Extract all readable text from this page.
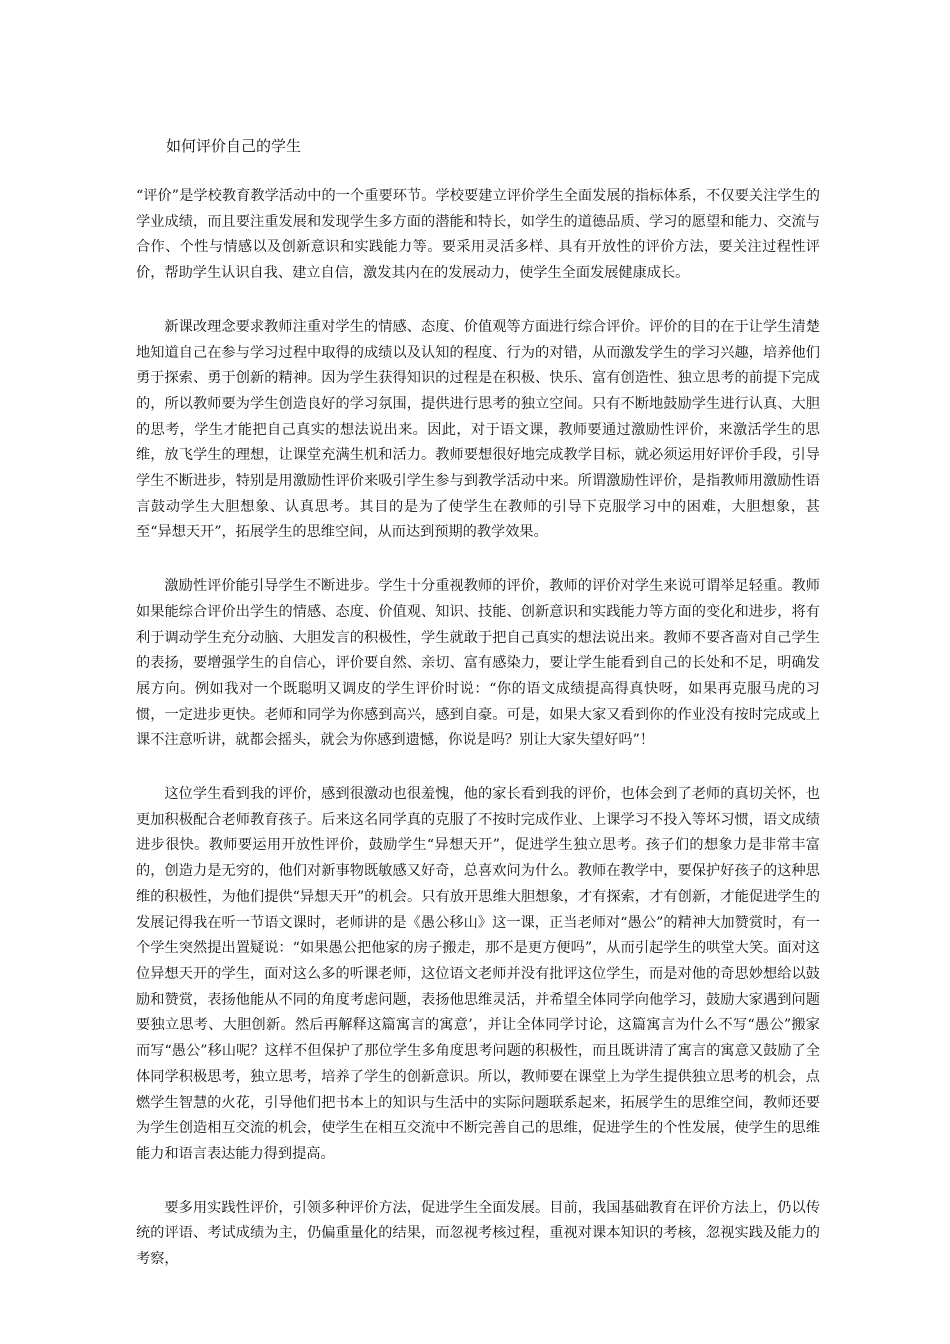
如何评价自己的学生

“评价”是学校教育教学活动中的一个重要环节。学校要建立评价学生全面发展的指标体系，不仅要关注学生的学业成绩，而且要注重发展和发现学生多方面的潜能和特长，如学生的道德品质、学习的愿望和能力、交流与合作、个性与情感以及创新意识和实践能力等。要采用灵活多样、具有开放性的评价方法，要关注过程性评价，帮助学生认识自我、建立自信，激发其内在的发展动力，使学生全面发展健康成长。

新课改理念要求教师注重对学生的情感、态度、价值观等方面进行综合评价。评价的目的在于让学生清楚地知道自己在参与学习过程中取得的成绩以及认知的程度、行为的对错，从而激发学生的学习兴趣，培养他们勇于探索、勇于创新的精神。因为学生获得知识的过程是在积极、快乐、富有创造性、独立思考的前提下完成的，所以教师要为学生创造良好的学习氛围，提供进行思考的独立空间。只有不断地鼓励学生进行认真、大胆的思考，学生才能把自己真实的想法说出来。因此，对于语文课，教师要通过激励性评价，来激活学生的思维，放飞学生的理想，让课堂充满生机和活力。教师要想很好地完成教学目标，就必须运用好评价手段，引导学生不断进步，特别是用激励性评价来吸引学生参与到教学活动中来。所谓激励性评价，是指教师用激励性语言鼓动学生大胆想象、认真思考。其目的是为了使学生在教师的引导下克服学习中的困难，大胆想象，甚至“异想天开”，拓展学生的思维空间，从而达到预期的教学效果。

激励性评价能引导学生不断进步。学生十分重视教师的评价，教师的评价对学生来说可谓举足轻重。教师如果能综合评价出学生的情感、态度、价值观、知识、技能、创新意识和实践能力等方面的变化和进步，将有利于调动学生充分动脑、大胆发言的积极性，学生就敢于把自己真实的想法说出来。教师不要吝啬对自己学生的表扬，要增强学生的自信心，评价要自然、亲切、富有感染力，要让学生能看到自己的长处和不足，明确发展方向。例如我对一个既聪明又调皮的学生评价时说：“你的语文成绩提高得真快呀，如果再克服马虎的习惯，一定进步更快。老师和同学为你感到高兴，感到自豪。可是，如果大家又看到你的作业没有按时完成或上课不注意听讲，就都会摇头，就会为你感到遗憾，你说是吗？别让大家失望好吗”！

这位学生看到我的评价，感到很激动也很羞愧，他的家长看到我的评价，也体会到了老师的真切关怀，也更加积极配合老师教育孩子。后来这名同学真的克服了不按时完成作业、上课学习不投入等坏习惯，语文成绩进步很快。教师要运用开放性评价，鼓励学生“异想天开”，促进学生独立思考。孩子们的想象力是非常丰富的，创造力是无穷的，他们对新事物既敏感又好奇，总喜欢问为什么。教师在教学中，要保护好孩子的这种思维的积极性，为他们提供“异想天开”的机会。只有放开思维大胆想象，才有探索，才有创新，才能促进学生的发展记得我在听一节语文课时，老师讲的是《愚公移山》这一课，正当老师对“愚公”的精神大加赞赏时，有一个学生突然提出置疑说：“如果愚公把他家的房子搬走，那不是更方便吗”，从而引起学生的哄堂大笑。面对这位异想天开的学生，面对这么多的听课老师，这位语文老师并没有批评这位学生，而是对他的奇思妙想给以鼓励和赞赏，表扬他能从不同的角度考虑问题，表扬他思维灵活，并希望全体同学向他学习，鼓励大家遇到问题要独立思考、大胆创新。然后再解释这篇寓言的寓意’，并让全体同学讨论，这篇寓言为什么不写“愚公”搬家而写“愚公”移山呢？这样不但保护了那位学生多角度思考问题的积极性，而且既讲清了寓言的寓意又鼓励了全体同学积极思考，独立思考，培养了学生的创新意识。所以，教师要在课堂上为学生提供独立思考的机会，点燃学生智慧的火花，引导他们把书本上的知识与生活中的实际问题联系起来，拓展学生的思维空间，教师还要为学生创造相互交流的机会，使学生在相互交流中不断完善自己的思维，促进学生的个性发展，使学生的思维能力和语言表达能力得到提高。

要多用实践性评价，引领多种评价方法，促进学生全面发展。目前，我国基础教育在评价方法上，仍以传统的评语、考试成绩为主，仍偏重量化的结果，而忽视考核过程，重视对课本知识的考核，忽视实践及能力的考察，
